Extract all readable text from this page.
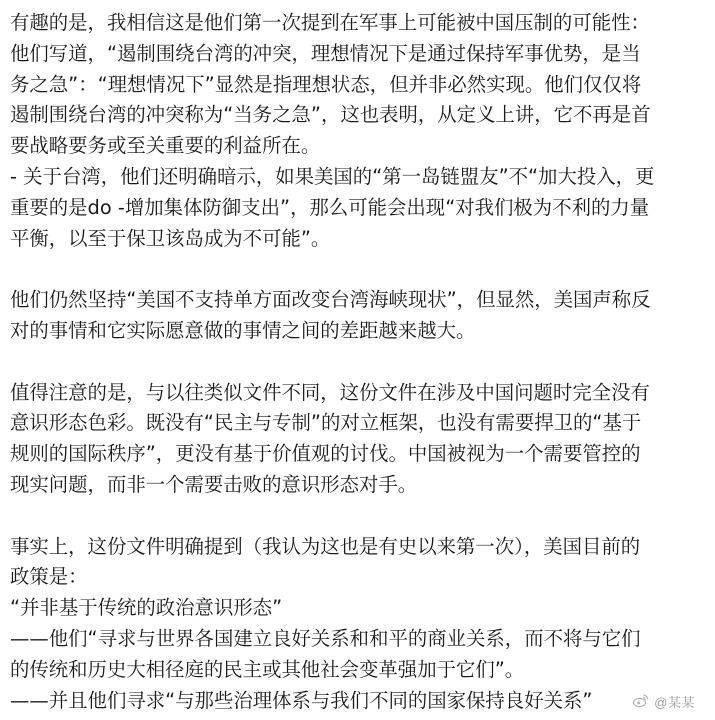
有趣的是，我相信这是他们第一次提到在军事上可能被中国压制的可能性：
他们写道，“遏制围绕台湾的冲突，理想情况下是通过保持军事优势，是当
务之急”：“理想情况下”显然是指理想状态，但并非必然实现。他们仅仅将
遏制围绕台湾的冲突称为“当务之急”，这也表明，从定义上讲，它不再是首
要战略要务或至关重要的利益所在。
- 关于台湾，他们还明确暗示，如果美国的“第一岛链盟友”不“加大投入，更
重要的是do -增加集体防御支出”，那么可能会出现“对我们极为不利的力量
平衡，以至于保卫该岛成为不可能”。
他们仍然坚持“美国不支持单方面改变台湾海峡现状”，但显然，美国声称反
对的事情和它实际愿意做的事情之间的差距越来越大。
值得注意的是，与以往类似文件不同，这份文件在涉及中国问题时完全没有
意识形态色彩。既没有“民主与专制”的对立框架，也没有需要捍卫的“基于
规则的国际秩序”，更没有基于价值观的讨伐。中国被视为一个需要管控的
现实问题，而非一个需要击败的意识形态对手。
事实上，这份文件明确提到（我认为这也是有史以来第一次），美国目前的
政策是：
“并非基于传统的政治意识形态”
——他们“寻求与世界各国建立良好关系和和平的商业关系，而不将与它们
的传统和历史大相径庭的民主或其他社会变革强加于它们”。
——并且他们寻求“与那些治理体系与我们不同的国家保持良好关系”	@某某
